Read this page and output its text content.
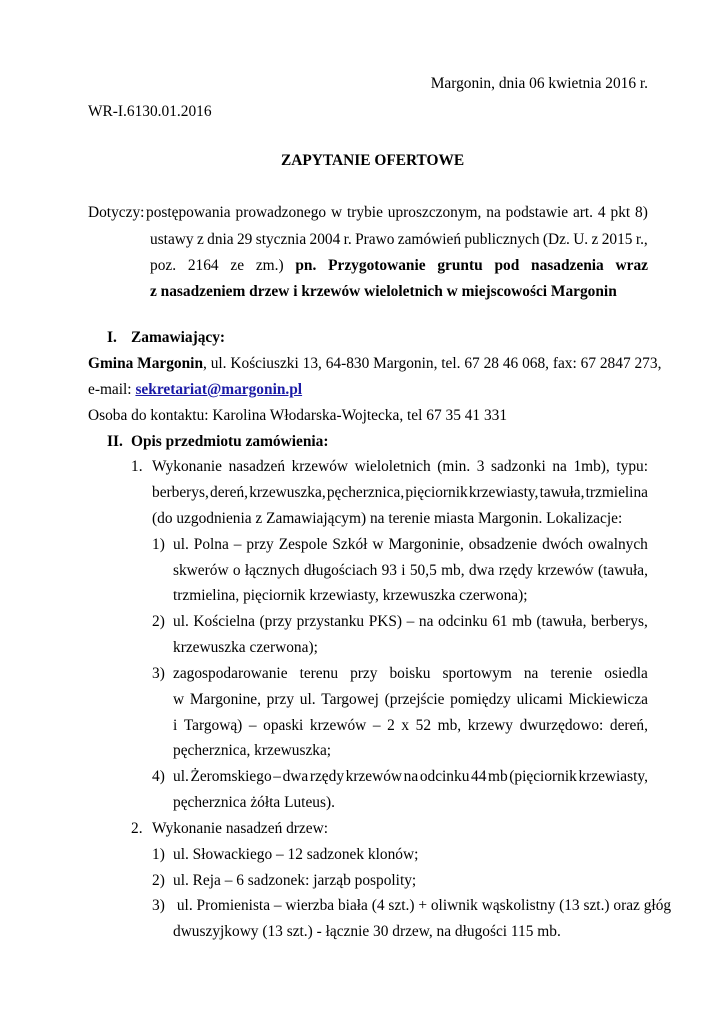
Margonin, dnia 06 kwietnia 2016 r.
WR-I.6130.01.2016
ZAPYTANIE OFERTOWE
Dotyczy: postępowania prowadzonego w trybie uproszczonym, na podstawie art. 4 pkt 8)
ustawy z dnia 29 stycznia 2004 r. Prawo zamówień publicznych (Dz. U. z 2015 r.,
poz. 2164 ze zm.) pn. Przygotowanie gruntu pod nasadzenia wraz
z nasadzeniem drzew i krzewów wieloletnich w miejscowości Margonin
I. Zamawiający:
Gmina Margonin, ul. Kościuszki 13, 64-830 Margonin, tel. 67 28 46 068, fax: 67 2847 273,
e-mail: sekretariat@margonin.pl
Osoba do kontaktu: Karolina Włodarska-Wojtecka, tel 67 35 41 331
II. Opis przedmiotu zamówienia:
1. Wykonanie nasadzeń krzewów wieloletnich (min. 3 sadzonki na 1mb), typu:
berberys, dereń, krzewuszka, pęcherznica, pięciornik krzewiasty, tawuła, trzmielina
(do uzgodnienia z Zamawiającym) na terenie miasta Margonin. Lokalizacje:
1) ul. Polna – przy Zespole Szkół w Margoninie, obsadzenie dwóch owalnych
skwerów o łącznych długościach 93 i 50,5 mb, dwa rzędy krzewów (tawuła,
trzmielina, pięciornik krzewiasty, krzewuszka czerwona);
2) ul. Kościelna (przy przystanku PKS) – na odcinku 61 mb (tawuła, berberys,
krzewuszka czerwona);
3) zagospodarowanie terenu przy boisku sportowym na terenie osiedla
w Margonine, przy ul. Targowej (przejście pomiędzy ulicami Mickiewicza
i Targową) – opaski krzewów – 2 x 52 mb, krzewy dwurzędowo: dereń,
pęcherznica, krzewuszka;
4) ul. Żeromskiego – dwa rzędy krzewów na odcinku 44 mb (pięciornik krzewiasty,
pęcherznica żółta Luteus).
2. Wykonanie nasadzeń drzew:
1) ul. Słowackiego – 12 sadzonek klonów;
2) ul. Reja – 6 sadzonek: jarząb pospolity;
3) ul. Promienista – wierzba biała (4 szt.) + oliwnik wąskolistny (13 szt.) oraz głóg
dwuszyjkowy (13 szt.) - łącznie 30 drzew, na długości 115 mb.
